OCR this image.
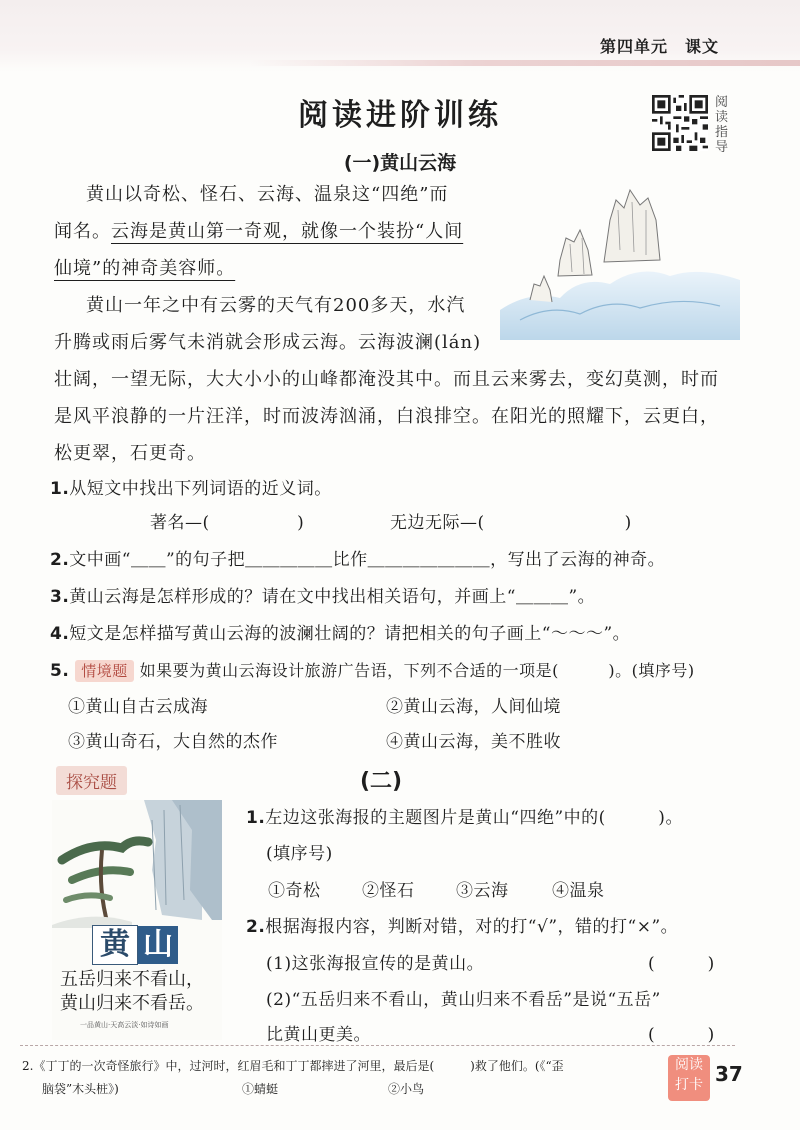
第四单元　课文
阅读进阶训练	阅
读
指
导
(一)黄山云海
黄山以奇松、怪石、云海、温泉这“四绝”而
闻名。云海是黄山第一奇观，就像一个装扮“人间
仙境”的神奇美容师。
黄山一年之中有云雾的天气有200多天，水汽
升腾或雨后雾气未消就会形成云海。云海波澜(lán)
壮阔，一望无际，大大小小的山峰都淹没其中。而且云来雾去，变幻莫测，时而
是风平浪静的一片汪洋，时而波涛汹涌，白浪排空。在阳光的照耀下，云更白，
松更翠，石更奇。
1.从短文中找出下列词语的近义词。
著名—(　　　　　)	无边无际—(　　　　　　　　)
2.文中画“＿＿”的句子把＿＿＿＿＿比作＿＿＿＿＿＿＿，写出了云海的神奇。
3.黄山云海是怎样形成的？请在文中找出相关语句，并画上“＿＿＿”。
4.短文是怎样描写黄山云海的波澜壮阔的？请把相关的句子画上“～～～”。
5. 情境题 如果要为黄山云海设计旅游广告语，下列不合适的一项是(　　　)。(填序号)
①黄山自古云成海	②黄山云海，人间仙境
③黄山奇石，大自然的杰作	④黄山云海，美不胜收
探究题	(二)
黄 山
五岳归来不看山，
黄山归来不看岳。
一品黄山·天高云淡·如诗如画
1.左边这张海报的主题图片是黄山“四绝”中的(　　　)。
(填序号)
①奇松 ②怪石 ③云海	④温泉
2.根据海报内容，判断对错，对的打“√”，错的打“×”。
(1)这张海报宣传的是黄山。	(　　　)
(2)“五岳归来不看山，黄山归来不看岳”是说“五岳”
比黄山更美。	(　　　)
2.《丁丁的一次奇怪旅行》中，过河时，红眉毛和丁丁都摔进了河里，最后是(　　　)救了他们。(《“歪
脑袋”木头桩》)	①蜻蜓	②小鸟
阅读
打卡 37
